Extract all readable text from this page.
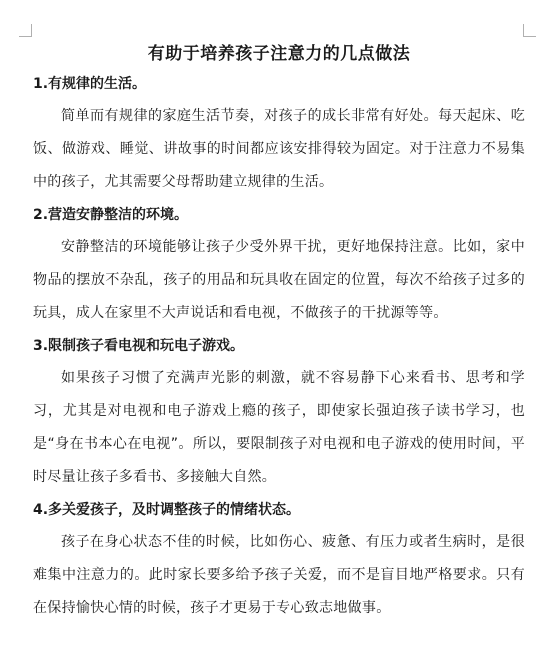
有助于培养孩子注意力的几点做法
1.有规律的生活。

简单而有规律的家庭生活节奏，对孩子的成长非常有好处。每天起床、吃饭、做游戏、睡觉、讲故事的时间都应该安排得较为固定。对于注意力不易集中的孩子，尤其需要父母帮助建立规律的生活。

2.营造安静整洁的环境。

安静整洁的环境能够让孩子少受外界干扰，更好地保持注意。比如，家中物品的摆放不杂乱，孩子的用品和玩具收在固定的位置，每次不给孩子过多的玩具，成人在家里不大声说话和看电视，不做孩子的干扰源等等。

3.限制孩子看电视和玩电子游戏。

如果孩子习惯了充满声光影的刺激，就不容易静下心来看书、思考和学习，尤其是对电视和电子游戏上瘾的孩子，即使家长强迫孩子读书学习，也是“身在书本心在电视”。所以，要限制孩子对电视和电子游戏的使用时间，平时尽量让孩子多看书、多接触大自然。

4.多关爱孩子，及时调整孩子的情绪状态。

孩子在身心状态不佳的时候，比如伤心、疲惫、有压力或者生病时，是很难集中注意力的。此时家长要多给予孩子关爱，而不是盲目地严格要求。只有在保持愉快心情的时候，孩子才更易于专心致志地做事。
